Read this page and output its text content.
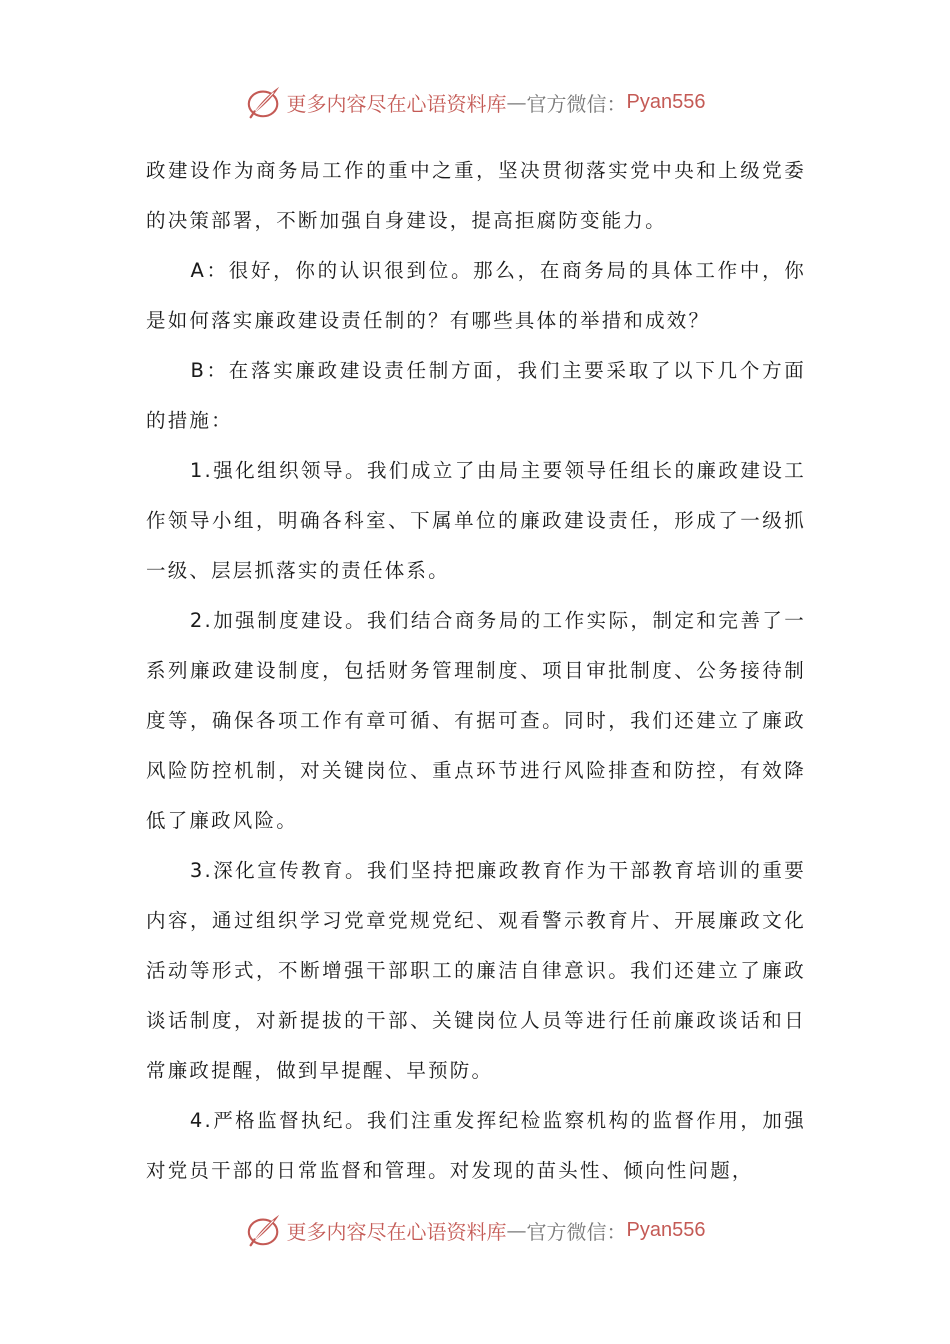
更多内容尽在心语资料库 — 官方微信： Pyan556

政建设作为商务局工作的重中之重，坚决贯彻落实党中央和上级党委的决策部署，不断加强自身建设，提高拒腐防变能力。

　　A：很好，你的认识很到位。那么，在商务局的具体工作中，你是如何落实廉政建设责任制的？有哪些具体的举措和成效？

　　B：在落实廉政建设责任制方面，我们主要采取了以下几个方面的措施：

　　1.强化组织领导。我们成立了由局主要领导任组长的廉政建设工作领导小组，明确各科室、下属单位的廉政建设责任，形成了一级抓一级、层层抓落实的责任体系。

　　2.加强制度建设。我们结合商务局的工作实际，制定和完善了一系列廉政建设制度，包括财务管理制度、项目审批制度、公务接待制度等，确保各项工作有章可循、有据可查。同时，我们还建立了廉政风险防控机制，对关键岗位、重点环节进行风险排查和防控，有效降低了廉政风险。

　　3.深化宣传教育。我们坚持把廉政教育作为干部教育培训的重要内容，通过组织学习党章党规党纪、观看警示教育片、开展廉政文化活动等形式，不断增强干部职工的廉洁自律意识。我们还建立了廉政谈话制度，对新提拔的干部、关键岗位人员等进行任前廉政谈话和日常廉政提醒，做到早提醒、早预防。

　　4.严格监督执纪。我们注重发挥纪检监察机构的监督作用，加强对党员干部的日常监督和管理。对发现的苗头性、倾向性问题，

更多内容尽在心语资料库 — 官方微信： Pyan556
